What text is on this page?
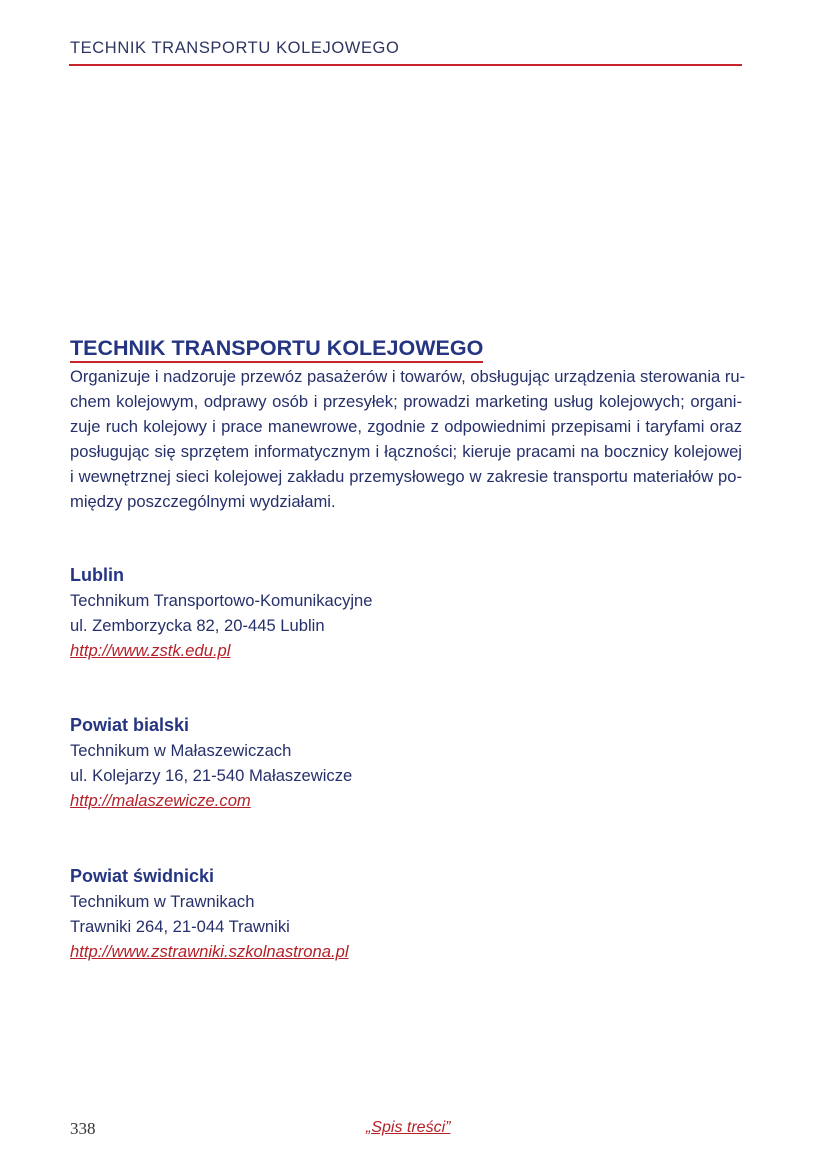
TECHNIK TRANSPORTU KOLEJOWEGO
TECHNIK TRANSPORTU KOLEJOWEGO
Organizuje i nadzoruje przewóz pasażerów i towarów, obsługując urządzenia sterowania ru-
chem kolejowym, odprawy osób i przesyłek; prowadzi marketing usług kolejowych; organi-
zuje ruch kolejowy i prace manewrowe, zgodnie z odpowiednimi przepisami i taryfami oraz
posługując się sprzętem informatycznym i łączności; kieruje pracami na bocznicy kolejowej
i wewnętrznej sieci kolejowej zakładu przemysłowego w zakresie transportu materiałów po-
między poszczególnymi wydziałami.
Lublin
Technikum Transportowo-Komunikacyjne
ul. Zemborzycka 82, 20-445 Lublin
http://www.zstk.edu.pl
Powiat bialski
Technikum w Małaszewiczach
ul. Kolejarzy 16, 21-540 Małaszewicze
http://malaszewicze.com
Powiat świdnicki
Technikum w Trawnikach
Trawniki 264, 21-044 Trawniki
http://www.zstrawniki.szkolnastrona.pl
338	„Spis treści”
